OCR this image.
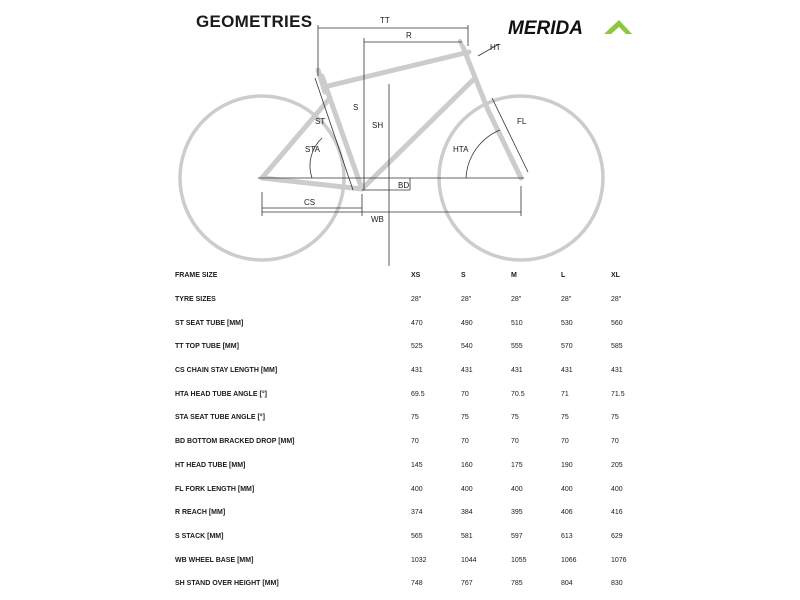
GEOMETRIES	MERIDA
TT
R
HT
S
SH
ST
STA
FL
HTA
BD
CS
WB
FRAME SIZE	XS	S	M	L	XL
TYRE SIZES	28"	28"	28"	28"	28"
ST SEAT TUBE [MM]	470	490	510	530	560
TT TOP TUBE [MM]	525	540	555	570	585
CS CHAIN STAY LENGTH [MM]	431	431	431	431	431
HTA HEAD TUBE ANGLE [°]	69.5	70	70.5	71	71.5
STA SEAT TUBE ANGLE [°]	75	75	75	75	75
BD BOTTOM BRACKED DROP [MM]	70	70	70	70	70
HT HEAD TUBE [MM]	145	160	175	190	205
FL FORK LENGTH [MM]	400	400	400	400	400
R REACH [MM]	374	384	395	406	416
S STACK [MM]	565	581	597	613	629
WB WHEEL BASE [MM]	1032	1044	1055	1066	1076
SH STAND OVER HEIGHT [MM]	748	767	785	804	830
